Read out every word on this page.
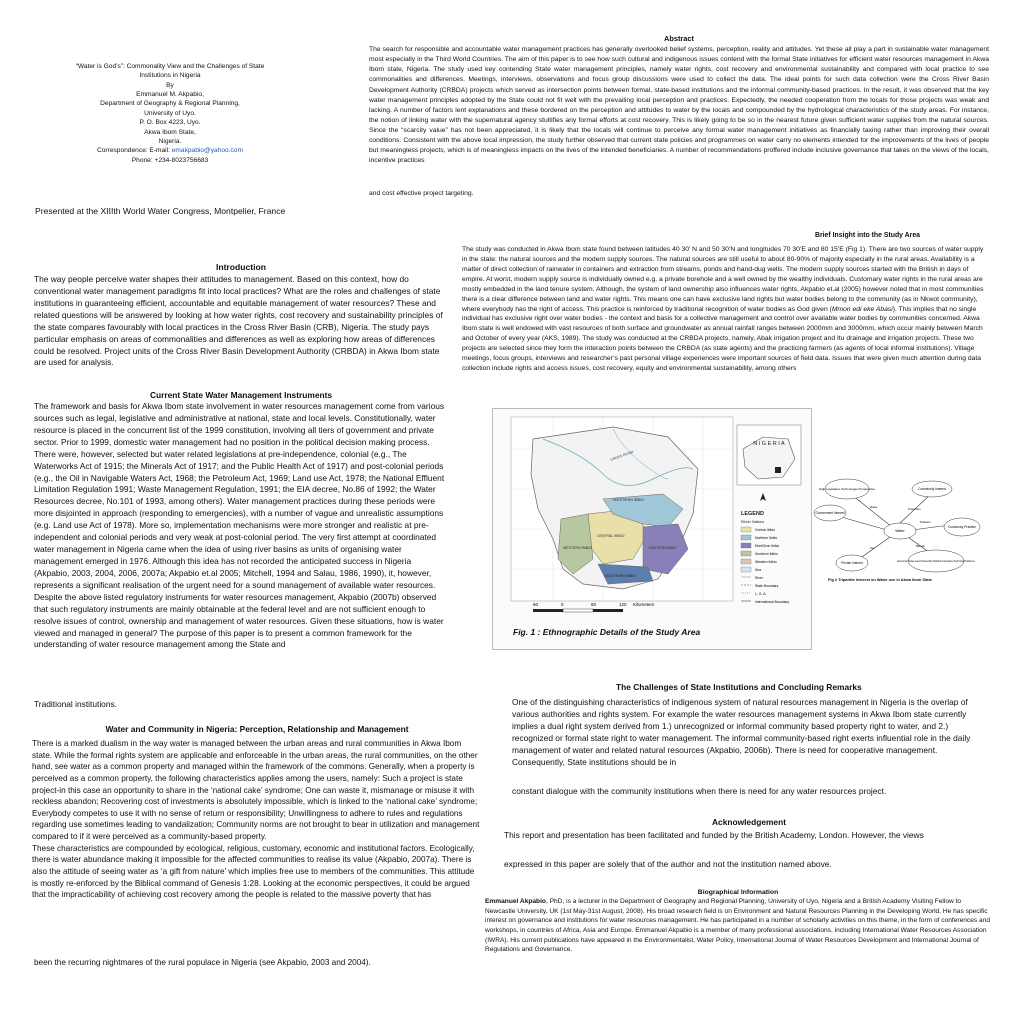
“Water is God’s”: Commonality View and the Challenges of State
Institutions in Nigeria
By
Emmanuel M. Akpabio,
Department of Geography & Regional Planning,
University of Uyo.
P. O. Box 4223, Uyo.
Akwa Ibom State,
Nigeria.
Correspondence: E-mail: emakpabio@yahoo.com
Phone: +234-8023756683
Presented at the XIIIth World Water Congress, Montpelier, France
Abstract
The search for responsible and accountable water management practices has generally overlooked belief systems, perception, reality and attitudes. Yet these all play a part in sustainable water management most especially in the Third World Countries. The aim of this paper is to see how such cultural and indigenous issues contend with the formal State initiatives for efficient water resources management in Akwa Ibom state, Nigeria. The study used key contending State water management principles, namely water rights, cost recovery and environmental sustainability and compared with local practice to see commonalities and differences. Meetings, interviews, observations and focus group discussions were used to collect the data. The ideal points for such data collection were the Cross River Basin Development Authority (CRBDA) projects which served as intersection points between formal, state-based institutions and the informal community-based practices. In the result, it was observed that the key water management principles adopted by the State could not fit well with the prevailing local perception and practices. Expectedly, the needed cooperation from the locals for those projects was weak and lacking. A number of factors lent explanations and these bordered on the perception and attitudes to water by the locals and compounded by the hydrological characteristics of the study areas. For instance, the notion of linking water with the supernatural agency stultifies any formal efforts at cost recovery. This is likely going to be so in the nearest future given sufficient water supplies from the natural sources. Since the “scarcity value” has not been appreciated, it is likely that the locals will continue to perceive any formal water management initiatives as financially taxing rather than improving their overall conditions. Consistent with the above local impression, the study further observed that current state policies and programmes on water carry no elements intended for the improvements of the lives of people but meaningless projects, which is of meaningless impacts on the lives of the intended beneficiaries. A number of recommendations proffered include inclusive governance that takes on the views of the locals, incentive practices
and cost effective project targeting.
Introduction
The way people perceive water shapes their attitudes to management. Based on this context, how do conventional water management paradigms fit into local practices? What are the roles and challenges of state institutions in guaranteeing efficient, accountable and equitable management of water resources? These and related questions will be answered by looking at how water rights, cost recovery and sustainability principles of the state compares favourably with local practices in the Cross River Basin (CRB), Nigeria. The study pays particular emphasis on areas of commonalities and differences as well as exploring how areas of differences could be resolved. Project units of the Cross River Basin Development Authority (CRBDA) in Akwa Ibom state are used for analysis.
Current State Water Management Instruments
The framework and basis for Akwa Ibom state involvement in water resources management come from various sources such as legal, legislative and administrative at national, state and local levels. Constitutionally, water resource is placed in the concurrent list of the 1999 constitution, involving all tiers of government and private sector. Prior to 1999, domestic water management had no position in the political decision making process. There were, however, selected but water related legislations at pre-independence, colonial (e.g., The Waterworks Act of 1915; the Minerals Act of 1917; and the Public Health Act of 1917) and post-colonial periods (e.g., the Oil in Navigable Waters Act, 1968; the Petroleum Act, 1969; Land use Act, 1978; the National Effluent Limitation Regulation 1991; Waste Management Regulation, 1991; the EIA decree, No.86 of 1992; the Water Resources decree, No.101 of 1993, among others). Water management practices during these periods were more disjointed in approach (responding to emergencies), with a number of vague and unrealistic assumptions (e.g. Land use Act of 1978). More so, implementation mechanisms were more stronger and realistic at pre-independent and colonial periods and very weak at post-colonial period. The very first attempt at coordinated water management in Nigeria came when the idea of using river basins as units of organising water management emerged in 1976. Although this idea has not recorded the anticipated success in Nigeria (Akpabio, 2003, 2004, 2006, 2007a; Akpabio et.al 2005; Mitchell, 1994 and Salau, 1986, 1990), it, however, represents a significant realisation of the urgent need for a sound management of available water resources. Despite the above listed regulatory instruments for water resources management, Akpabio (2007b) observed that such regulatory instruments are mainly obtainable at the federal level and are not sufficient enough to resolve issues of control, ownership and management of water resources. Given these situations, how is water viewed and managed in general? The purpose of this paper is to present a common framework for the understanding of water resource management among the State and
Traditional institutions.
Water and Community in Nigeria: Perception, Relationship and Management
There is a marked dualism in the way water is managed between the urban areas and rural communities in Akwa Ibom state. While the formal rights system are applicable and enforceable in the urban areas, the rural communities, on the other hand, see water as a common property and managed within the framework of the commons. Generally, when a property is perceived as a common property, the following characteristics applies among the users, namely: Such a project is state project-in this case an opportunity to share in the ‘national cake’ syndrome; One can waste it, mismanage or misuse it with reckless abandon; Recovering cost of investments is absolutely impossible, which is linked to the ‘national cake’ syndrome; Everybody competes to use it with no sense of return or responsibility; Unwillingness to adhere to rules and regulations regarding use sometimes leading to vandalization; Community norms are not brought to bear in utilization and management compared to if it were perceived as a community-based property.
These characteristics are compounded by ecological, religious, customary, economic and institutional factors. Ecologically, there is water abundance making it impossible for the affected communities to realise its value (Akpabio, 2007a). There is also the attitude of seeing water as ‘a gift from nature’ which implies free use to members of the communities. This attitude is mostly re-enforced by the Biblical command of Genesis 1:28. Looking at the economic perspectives, it could be argued that the impracticability of achieving cost recovery among the people is related to the massive poverty that has
been the recurring nightmares of the rural populace in Nigeria (see Akpabio, 2003 and 2004).
Brief Insight into the Study Area
The study was conducted in Akwa Ibom state found between latitudes 40 30’ N and 50 30’N and longitudes 70 30’E and 80 15’E (Fig 1). There are two sources of water supply in the state: the natural sources and the modern supply sources. The natural sources are still useful to about 80-90% of majority especially in the rural areas. Availability is a matter of direct collection of rainwater in containers and extraction from streams, ponds and hand-dug wells. The modern supply sources started with the British in days of empire. At worst, modern supply source is individually owned e.g. a private borehole and a well owned by the wealthy individuals. Customary water rights in the rural areas are mostly embedded in the land tenure system. Although, the system of land ownership also influences water rights. Akpabio et.al (2005) however noted that in most communities there is a clear difference between land and water rights. This means one can have exclusive land rights but water bodies belong to the community (as in Nkwot community), where everybody has the right of access. This practice is reinforced by traditional recognition of water bodies as God given (Mmon edi eke Abasi). This implies that no single individual has exclusive right over water bodies - the context and basis for a collective management and control over available water bodies by communities concerned. Akwa Ibom state is well endowed with vast resources of both surface and groundwater as annual rainfall ranges between 2000mm and 3000mm, which occur mainly between March and October of every year (AKS, 1989). The study was conducted at the CRBDA projects, namely, Abak irrigation project and Itu drainage and irrigation projects. These two projects are selected since they form the interaction points between the CRBDA (as state agents) and the practicing farmers (as agents of local informal institutions). Village meetings, focus groups, interviews and researcher’s past personal village experiences were important sources of field data. Issues that were given much attention during data collection include rights and access issues, cost recovery, equity and environmental sustainability, among others
NORTHERN IBIBIO
WESTERN IBIBIO
CENTRAL IBIBIO
EASTERN IBIBIO
SOUTHERN IBIBIO
CROSS RIVER
N I G E R I A
LEGEND
Ethnic Nations
Central Ibibio
Northern Ibibio
Eket/Oron Ibibio
Southern Ibibio
Western Ibibio
Sea
River
State Boundary
L. G. A.
International Boundary
60	0	60	120 Kilometers
Fig. 1 : Ethnographic Details of the Study Area
High Legislative Technologies Perspective	Community Interest
Government Interest
Water
Customary Practice
Private Interest	Economic Value Land Ownership Political Corruption Technical Problems
Rules	Protection
Pollution
Use	Benefit
Fig 2 Tripartite Interest on Water use in Akwa Ibom State
The Challenges of State Institutions and Concluding Remarks
One of the distinguishing characteristics of indigenous system of natural resources management in Nigeria is the overlap of various authorities and rights system. For example the water resources management systems in Akwa Ibom state currently implies a dual right system derived from 1.) unrecognized or informal community based property right to water, and 2.) recognized or formal state right to water management. The informal community-based right exerts influential role in the daily management of water and related natural resources (Akpabio, 2006b). There is need for cooperative management. Consequently, State institutions should be in
constant dialogue with the community institutions when there is need for any water resources project.
Acknowledgement
This report and presentation has been facilitated and funded by the British Academy, London. However, the views
expressed in this paper are solely that of the author and not the institution named above.
Biographical Information
Emmanuel Akpabio, PhD, is a lecturer in the Department of Geography and Regional Planning, University of Uyo, Nigeria and a British Academy Visiting Fellow to Newcastle University, UK (1st May-31st August, 2008). His broad research field is on Environment and Natural Resources Planning in the Developing World. He has specific interest on governance and institutions for water resources management. He has participated in a number of scholarly activities on this theme, in the form of conferences and workshops, in countries of Africa, Asia and Europe. Emmanuel Akpabio is a member of many professional associations, including International Water Resources Association (IWRA). His current publications have appeared in the Environmentalist, Water Policy, International Journal of Water Resources Development and International Journal of Regulations and Governance.
